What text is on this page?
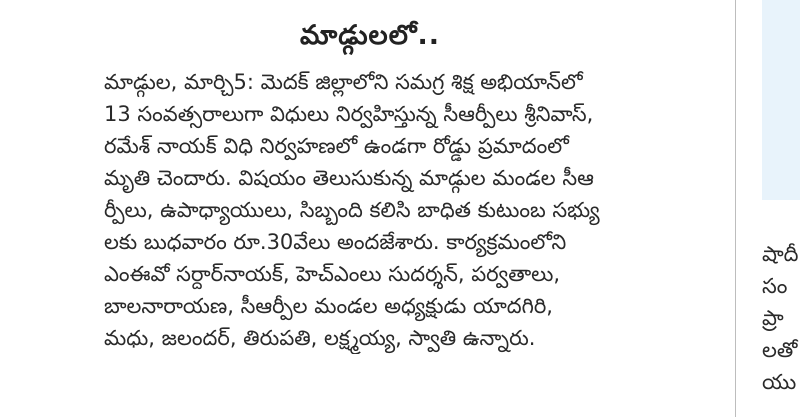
మాడ్గులలో..
మాడ్గుల, మార్చి5: మెదక్ జిల్లాలోని సమగ్ర శిక్ష అభియాన్‌లో
13 సంవత్సరాలుగా విధులు నిర్వహిస్తున్న సీఆర్పీలు శ్రీనివాస్,
రమేశ్ నాయక్ విధి నిర్వహణలో ఉండగా రోడ్డు ప్రమాదంలో
మృతి చెందారు. విషయం తెలుసుకున్న మాడ్గుల మండల సీఆ
ర్పీలు, ఉపాధ్యాయులు, సిబ్బంది కలిసి బాధిత కుటుంబ సభ్యు
లకు బుధవారం రూ.30వేలు అందజేశారు. కార్యక్రమంలోని
ఎంఈవో సర్దార్‌నాయక్, హెచ్‌ఎంలు సుదర్శన్, పర్వతాలు,
బాలనారాయణ, సీఆర్పీల మండల అధ్యక్షుడు యాదగిరి,
మధు, జలందర్, తిరుపతి, లక్ష్మయ్య, స్వాతి ఉన్నారు.
షాదీ
సం
ప్రా
లతో
యు
